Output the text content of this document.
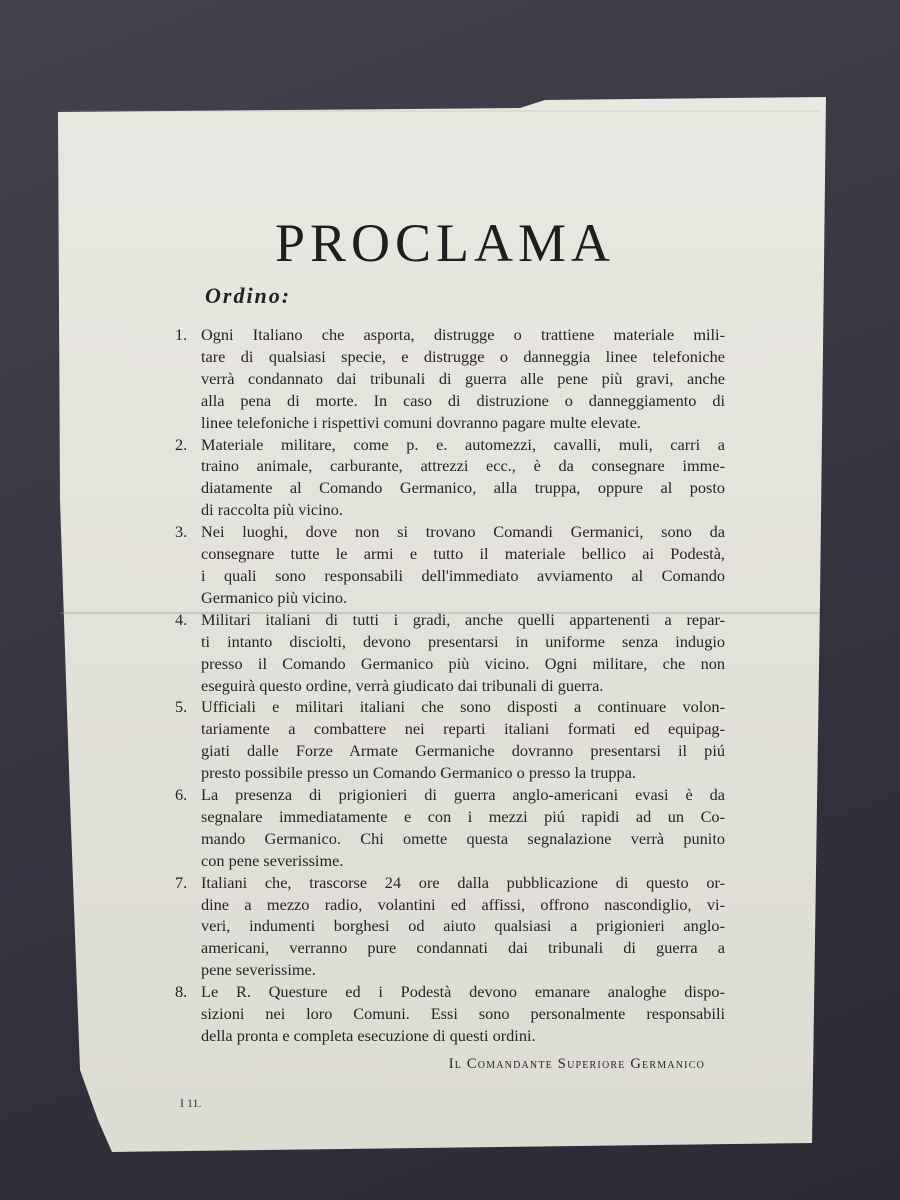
PROCLAMA
Ordino:
1. Ogni Italiano che asporta, distrugge o trattiene materiale mili-
tare di qualsiasi specie, e distrugge o danneggia linee telefoniche
verrà condannato dai tribunali di guerra alle pene più gravi, anche
alla pena di morte. In caso di distruzione o danneggiamento di
linee telefoniche i rispettivi comuni dovranno pagare multe elevate.
2. Materiale militare, come p. e. automezzi, cavalli, muli, carri a
traino animale, carburante, attrezzi ecc., è da consegnare imme-
diatamente al Comando Germanico, alla truppa, oppure al posto
di raccolta più vicino.
3. Nei luoghi, dove non si trovano Comandi Germanici, sono da
consegnare tutte le armi e tutto il materiale bellico ai Podestà,
i quali sono responsabili dell'immediato avviamento al Comando
Germanico più vicino.
4. Militari italiani di tutti i gradi, anche quelli appartenenti a repar-
ti intanto disciolti, devono presentarsi in uniforme senza indugio
presso il Comando Germanico più vicino. Ogni militare, che non
eseguirà questo ordine, verrà giudicato dai tribunali di guerra.
5. Ufficiali e militari italiani che sono disposti a continuare volon-
tariamente a combattere nei reparti italiani formati ed equipag-
giati dalle Forze Armate Germaniche dovranno presentarsi il piú
presto possibile presso un Comando Germanico o presso la truppa.
6. La presenza di prigionieri di guerra anglo-americani evasi è da
segnalare immediatamente e con i mezzi piú rapidi ad un Co-
mando Germanico. Chi omette questa segnalazione verrà punito
con pene severissime.
7. Italiani che, trascorse 24 ore dalla pubblicazione di questo or-
dine a mezzo radio, volantini ed affissi, offrono nascondiglio, vi-
veri, indumenti borghesi od aiuto qualsiasi a prigionieri anglo-
americani, verranno pure condannati dai tribunali di guerra a
pene severissime.
8. Le R. Questure ed i Podestà devono emanare analoghe dispo-
sizioni nei loro Comuni. Essi sono personalmente responsabili
della pronta e completa esecuzione di questi ordini.
Il Comandante Superiore Germanico
I 11.
